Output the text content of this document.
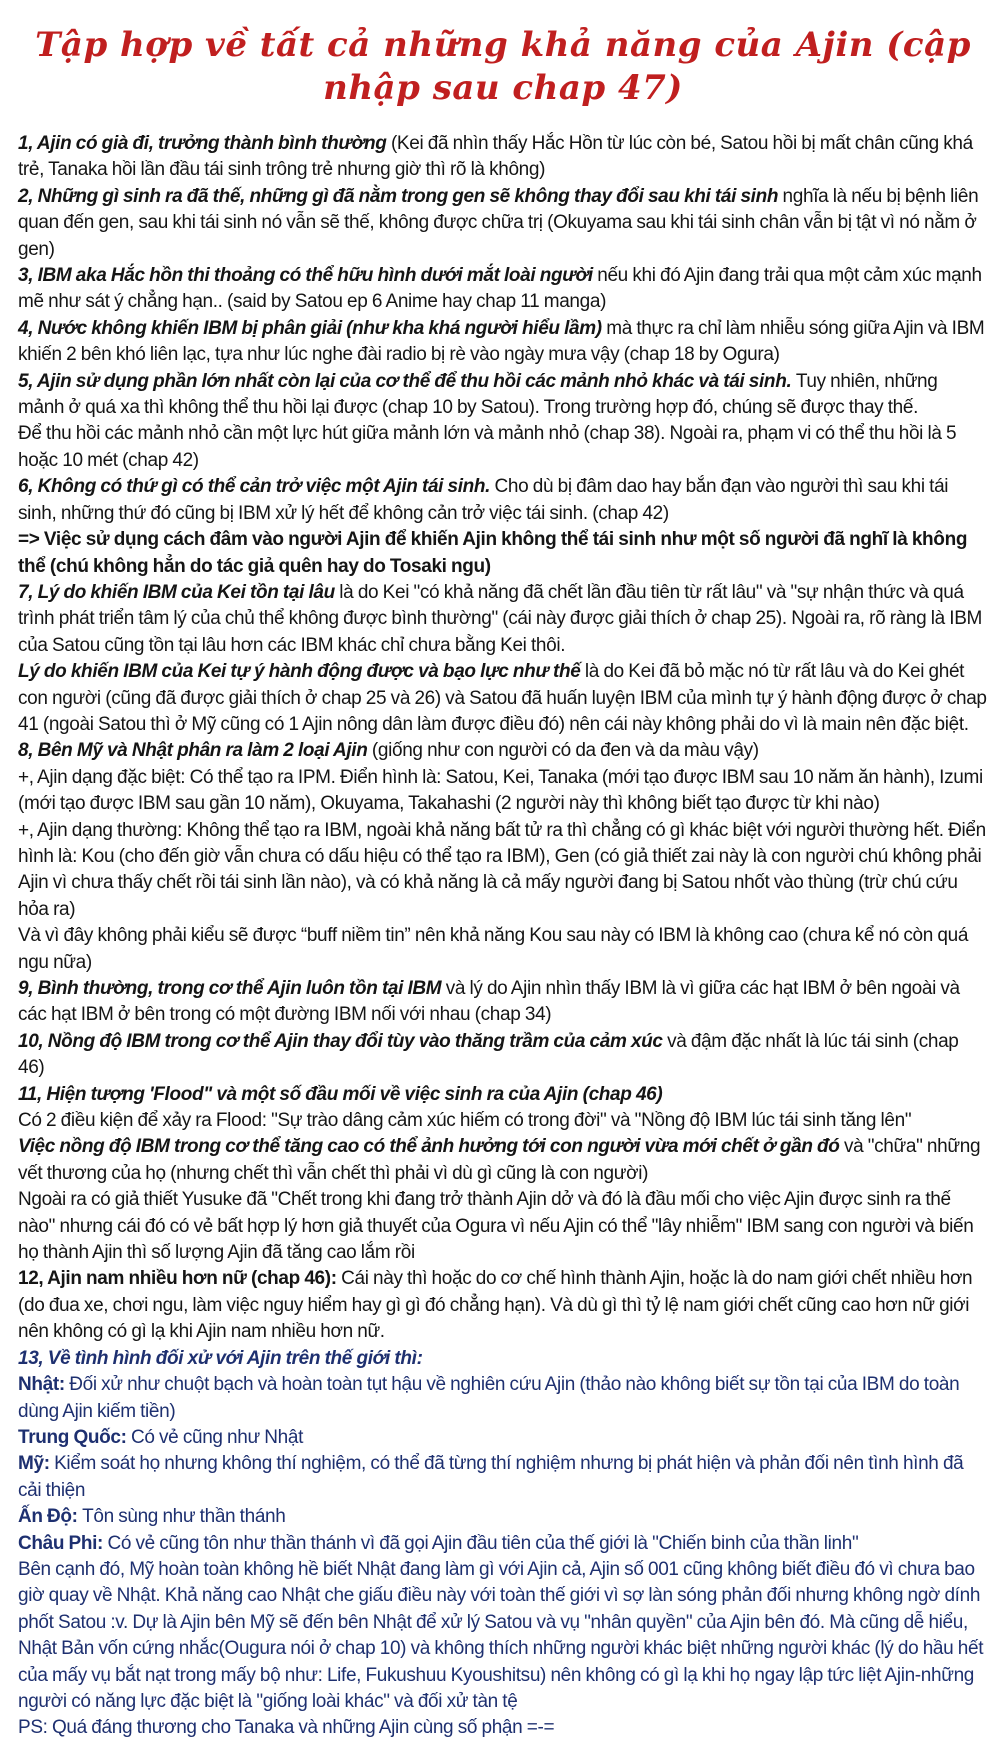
Tập hợp về tất cả những khả năng của Ajin (cập nhập sau chap 47)

1, Ajin có già đi, trưởng thành bình thường (Kei đã nhìn thấy Hắc Hồn từ lúc còn bé, Satou hồi bị mất chân cũng khá trẻ, Tanaka hồi lần đầu tái sinh trông trẻ nhưng giờ thì rõ là không)

2, Những gì sinh ra đã thế, những gì đã nằm trong gen sẽ không thay đổi sau khi tái sinh nghĩa là nếu bị bệnh liên quan đến gen, sau khi tái sinh nó vẫn sẽ thế, không được chữa trị (Okuyama sau khi tái sinh chân vẫn bị tật vì nó nằm ở gen)

3, IBM aka Hắc hồn thi thoảng có thể hữu hình dưới mắt loài người nếu khi đó Ajin đang trải qua một cảm xúc mạnh mẽ như sát ý chẳng hạn.. (said by Satou ep 6 Anime hay chap 11 manga)

4, Nước không khiến IBM bị phân giải (như kha khá người hiểu lầm) mà thực ra chỉ làm nhiễu sóng giữa Ajin và IBM khiến 2 bên khó liên lạc, tựa như lúc nghe đài radio bị rè vào ngày mưa vậy (chap 18 by Ogura)

5, Ajin sử dụng phần lớn nhất còn lại của cơ thể để thu hồi các mảnh nhỏ khác và tái sinh. Tuy nhiên, những mảnh ở quá xa thì không thể thu hồi lại được (chap 10 by Satou). Trong trường hợp đó, chúng sẽ được thay thế.

Để thu hồi các mảnh nhỏ cần một lực hút giữa mảnh lớn và mảnh nhỏ (chap 38). Ngoài ra, phạm vi có thể thu hồi là 5 hoặc 10 mét (chap 42)

6, Không có thứ gì có thể cản trở việc một Ajin tái sinh. Cho dù bị đâm dao hay bắn đạn vào người thì sau khi tái sinh, những thứ đó cũng bị IBM xử lý hết để không cản trở việc tái sinh. (chap 42)

=> Việc sử dụng cách đâm vào người Ajin để khiến Ajin không thể tái sinh như một số người đã nghĩ là không thể (chú không hẳn do tác giả quên hay do Tosaki ngu)

7, Lý do khiến IBM của Kei tồn tại lâu là do Kei "có khả năng đã chết lần đầu tiên từ rất lâu" và "sự nhận thức và quá trình phát triển tâm lý của chủ thể không được bình thường" (cái này được giải thích ở chap 25). Ngoài ra, rõ ràng là IBM của Satou cũng tồn tại lâu hơn các IBM khác chỉ chưa bằng Kei thôi.

Lý do khiến IBM của Kei tự ý hành động được và bạo lực như thế là do Kei đã bỏ mặc nó từ rất lâu và do Kei ghét con người (cũng đã được giải thích ở chap 25 và 26) và Satou đã huấn luyện IBM của mình tự ý hành động được ở chap 41 (ngoài Satou thì ở Mỹ cũng có 1 Ajin nông dân làm được điều đó) nên cái này không phải do vì là main nên đặc biệt.

8, Bên Mỹ và Nhật phân ra làm 2 loại Ajin (giống như con người có da đen và da màu vậy)

+, Ajin dạng đặc biệt: Có thể tạo ra IPM. Điển hình là: Satou, Kei, Tanaka (mới tạo được IBM sau 10 năm ăn hành), Izumi (mới tạo được IBM sau gần 10 năm), Okuyama, Takahashi (2 người này thì không biết tạo được từ khi nào)

+, Ajin dạng thường: Không thể tạo ra IBM, ngoài khả năng bất tử ra thì chẳng có gì khác biệt với người thường hết. Điển hình là: Kou (cho đến giờ vẫn chưa có dấu hiệu có thể tạo ra IBM), Gen (có giả thiết zai này là con người chú không phải Ajin vì chưa thấy chết rồi tái sinh lần nào), và có khả năng là cả mấy người đang bị Satou nhốt vào thùng (trừ chú cứu hỏa ra)

Và vì đây không phải kiểu sẽ được “buff niềm tin” nên khả năng Kou sau này có IBM là không cao (chưa kể nó còn quá ngu nữa)

9, Bình thường, trong cơ thể Ajin luôn tồn tại IBM và lý do Ajin nhìn thấy IBM là vì giữa các hạt IBM ở bên ngoài và các hạt IBM ở bên trong có một đường IBM nối với nhau (chap 34)

10, Nồng độ IBM trong cơ thể Ajin thay đổi tùy vào thăng trầm của cảm xúc và đậm đặc nhất là lúc tái sinh (chap 46)

11, Hiện tượng 'Flood" và một số đầu mối về việc sinh ra của Ajin (chap 46)

Có 2 điều kiện để xảy ra Flood: "Sự trào dâng cảm xúc hiếm có trong đời" và "Nồng độ IBM lúc tái sinh tăng lên"

Việc nồng độ IBM trong cơ thể tăng cao có thể ảnh hưởng tới con người vừa mới chết ở gần đó và "chữa" những vết thương của họ (nhưng chết thì vẫn chết thì phải vì dù gì cũng là con người)

Ngoài ra có giả thiết Yusuke đã "Chết trong khi đang trở thành Ajin dở và đó là đầu mối cho việc Ajin được sinh ra thế nào" nhưng cái đó có vẻ bất hợp lý hơn giả thuyết của Ogura vì nếu Ajin có thể "lây nhiễm" IBM sang con người và biến họ thành Ajin thì số lượng Ajin đã tăng cao lắm rồi

12, Ajin nam nhiều hơn nữ (chap 46): Cái này thì hoặc do cơ chế hình thành Ajin, hoặc là do nam giới chết nhiều hơn (do đua xe, chơi ngu, làm việc nguy hiểm hay gì gì đó chẳng hạn). Và dù gì thì tỷ lệ nam giới chết cũng cao hơn nữ giới nên không có gì lạ khi Ajin nam nhiều hơn nữ.

13, Về tình hình đối xử với Ajin trên thế giới thì:

Nhật: Đối xử như chuột bạch và hoàn toàn tụt hậu về nghiên cứu Ajin (thảo nào không biết sự tồn tại của IBM do toàn dùng Ajin kiếm tiền)

Trung Quốc: Có vẻ cũng như Nhật

Mỹ: Kiểm soát họ nhưng không thí nghiệm, có thể đã từng thí nghiệm nhưng bị phát hiện và phản đối nên tình hình đã cải thiện

Ấn Độ: Tôn sùng như thần thánh

Châu Phi: Có vẻ cũng tôn như thần thánh vì đã gọi Ajin đầu tiên của thế giới là "Chiến binh của thần linh"

Bên cạnh đó, Mỹ hoàn toàn không hề biết Nhật đang làm gì với Ajin cả, Ajin số 001 cũng không biết điều đó vì chưa bao giờ quay về Nhật. Khả năng cao Nhật che giấu điều này với toàn thế giới vì sợ làn sóng phản đối nhưng không ngờ dính phốt Satou :v. Dự là Ajin bên Mỹ sẽ đến bên Nhật để xử lý Satou và vụ "nhân quyền" của Ajin bên đó. Mà cũng dễ hiểu, Nhật Bản vốn cứng nhắc(Ougura nói ở chap 10) và không thích những người khác biệt những người khác (lý do hầu hết của mấy vụ bắt nạt trong mấy bộ như: Life, Fukushuu Kyoushitsu) nên không có gì lạ khi họ ngay lập tức liệt Ajin-những người có năng lực đặc biệt là "giống loài khác" và đối xử tàn tệ

PS: Quá đáng thương cho Tanaka và những Ajin cùng số phận =-=
